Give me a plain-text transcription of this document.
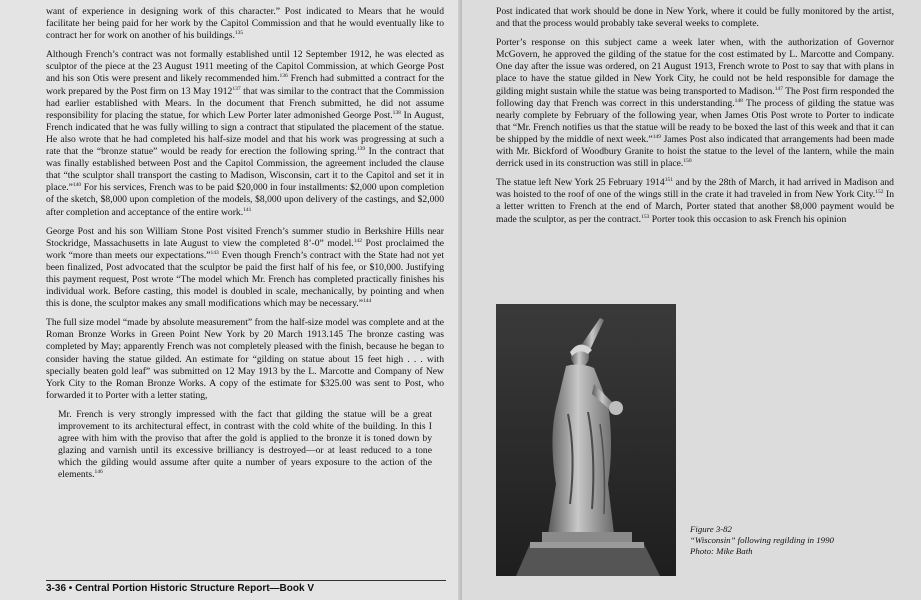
want of experience in designing work of this character.” Post indicated to Mears that he would facilitate her being paid for her work by the Capitol Commission and that he would eventually like to contract her for work on another of his buildings.$^{135}$

Although French’s contract was not formally established until 12 September 1912, he was elected as sculptor of the piece at the 23 August 1911 meeting of the Capitol Commission, at which George Post and his son Otis were present and likely recommended him.$^{136}$ French had submitted a contract for the work prepared by the Post firm on 13 May 1912$^{137}$ that was similar to the contract that the Commission had earlier established with Mears. In the document that French submitted, he did not assume responsibility for placing the statue, for which Lew Porter later admonished George Post.$^{138}$ In August, French indicated that he was fully willing to sign a contract that stipulated the placement of the statue. He also wrote that he had completed his half-size model and that his work was progressing at such a rate that the “bronze statue” would be ready for erection the following spring.$^{139}$ In the contract that was finally established between Post and the Capitol Commission, the agreement included the clause that “the sculptor shall transport the casting to Madison, Wisconsin, cart it to the Capitol and set it in place.”$^{140}$ For his services, French was to be paid $20,000 in four installments: $2,000 upon completion of the sketch, $8,000 upon completion of the models, $8,000 upon delivery of the castings, and $2,000 after completion and acceptance of the entire work.$^{141}$

George Post and his son William Stone Post visited French’s summer studio in Berkshire Hills near Stockridge, Massachusetts in late August to view the completed 8’-0” model.$^{142}$ Post proclaimed the work “more than meets our expectations.”$^{143}$ Even though French’s contract with the State had not yet been finalized, Post advocated that the sculptor be paid the first half of his fee, or $10,000. Justifying this payment request, Post wrote “The model which Mr. French has completed practically finishes his individual work. Before casting, this model is doubled in scale, mechanically, by pointing and when this is done, the sculptor makes any small modifications which may be necessary.”$^{144}$

The full size model “made by absolute measurement” from the half-size model was complete and at the Roman Bronze Works in Green Point New York by 20 March 1913.145 The bronze casting was completed by May; apparently French was not completely pleased with the finish, because he began to consider having the statue gilded. An estimate for “gilding on statue about 15 feet high . . . with specially beaten gold leaf” was submitted on 12 May 1913 by the L. Marcotte and Company of New York City to the Roman Bronze Works. A copy of the estimate for $325.00 was sent to Post, who forwarded it to Porter with a letter stating,

Mr. French is very strongly impressed with the fact that gilding the statue will be a great improvement to its architectural effect, in contrast with the cold white of the building. In this I agree with him with the proviso that after the gold is applied to the bronze it is toned down by glazing and varnish until its excessive brilliancy is destroyed—or at least reduced to a tone which the gilding would assume after quite a number of years exposure to the action of the elements.$^{146}$
3-36 • Central Portion Historic Structure Report—Book V

Post indicated that work should be done in New York, where it could be fully monitored by the artist, and that the process would probably take several weeks to complete.

Porter’s response on this subject came a week later when, with the authorization of Governor McGovern, he approved the gilding of the statue for the cost estimated by L. Marcotte and Company. One day after the issue was ordered, on 21 August 1913, French wrote to Post to say that with plans in place to have the statue gilded in New York City, he could not be held responsible for damage the gilding might sustain while the statue was being transported to Madison.$^{147}$ The Post firm responded the following day that French was correct in this understanding.$^{148}$ The process of gilding the statue was nearly complete by February of the following year, when James Otis Post wrote to Porter to indicate that “Mr. French notifies us that the statue will be ready to be boxed the last of this week and that it can be shipped by the middle of next week.”$^{149}$ James Post also indicated that arrangements had been made with Mr. Bickford of Woodbury Granite to hoist the statue to the level of the lantern, while the main derrick used in its construction was still in place.$^{150}$

The statue left New York 25 February 1914$^{151}$ and by the 28th of March, it had arrived in Madison and was hoisted to the roof of one of the wings still in the crate it had traveled in from New York City.$^{152}$ In a letter written to French at the end of March, Porter stated that another $8,000 payment would be made the sculptor, as per the contract.$^{153}$ Porter took this occasion to ask French his opinion

Figure 3-82
“Wisconsin” following regilding in 1990
Photo: Mike Bath
